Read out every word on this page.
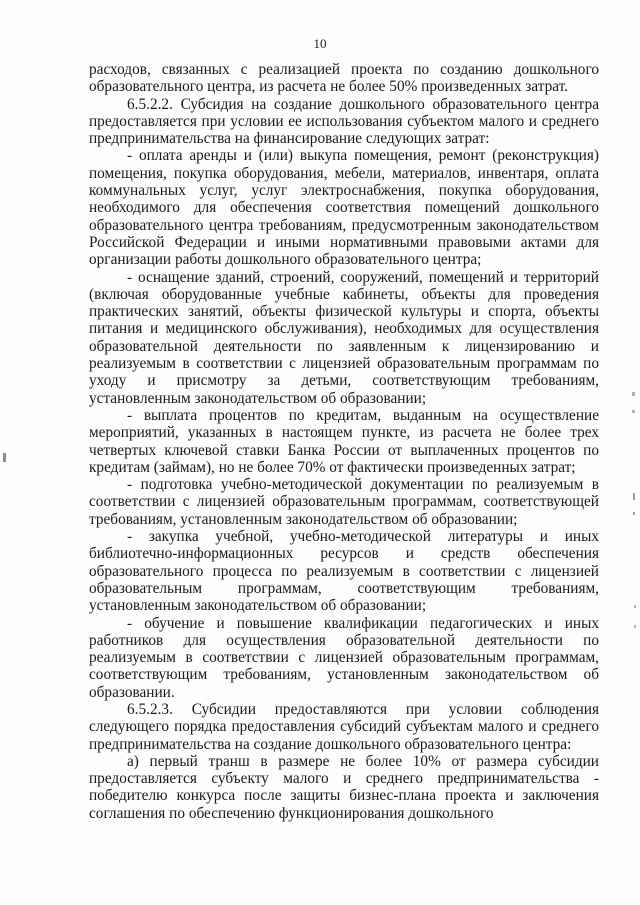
10

расходов, связанных с реализацией проекта по созданию дошкольного образовательного центра, из расчета не более 50% произведенных затрат.

6.5.2.2. Субсидия на создание дошкольного образовательного центра предоставляется при условии ее использования субъектом малого и среднего предпринимательства на финансирование следующих затрат:

- оплата аренды и (или) выкупа помещения, ремонт (реконструкция) помещения, покупка оборудования, мебели, материалов, инвентаря, оплата коммунальных услуг, услуг электроснабжения, покупка оборудования, необходимого для обеспечения соответствия помещений дошкольного образовательного центра требованиям, предусмотренным законодательством Российской Федерации и иными нормативными правовыми актами для организации работы дошкольного образовательного центра;

- оснащение зданий, строений, сооружений, помещений и территорий (включая оборудованные учебные кабинеты, объекты для проведения практических занятий, объекты физической культуры и спорта, объекты питания и медицинского обслуживания), необходимых для осуществления образовательной деятельности по заявленным к лицензированию и реализуемым в соответствии с лицензией образовательным программам по уходу и присмотру за детьми, соответствующим требованиям, установленным законодательством об образовании;

- выплата процентов по кредитам, выданным на осуществление мероприятий, указанных в настоящем пункте, из расчета не более трех четвертых ключевой ставки Банка России от выплаченных процентов по кредитам (займам), но не более 70% от фактически произведенных затрат;

- подготовка учебно-методической документации по реализуемым в соответствии с лицензией образовательным программам, соответствующей требованиям, установленным законодательством об образовании;

- закупка учебной, учебно-методической литературы и иных библиотечно-информационных ресурсов и средств обеспечения образовательного процесса по реализуемым в соответствии с лицензией образовательным программам, соответствующим требованиям, установленным законодательством об образовании;

- обучение и повышение квалификации педагогических и иных работников для осуществления образовательной деятельности по реализуемым в соответствии с лицензией образовательным программам, соответствующим требованиям, установленным законодательством об образовании.

6.5.2.3. Субсидии предоставляются при условии соблюдения следующего порядка предоставления субсидий субъектам малого и среднего предпринимательства на создание дошкольного образовательного центра:

а) первый транш в размере не более 10% от размера субсидии предоставляется субъекту малого и среднего предпринимательства - победителю конкурса после защиты бизнес-плана проекта и заключения соглашения по обеспечению функционирования дошкольного
